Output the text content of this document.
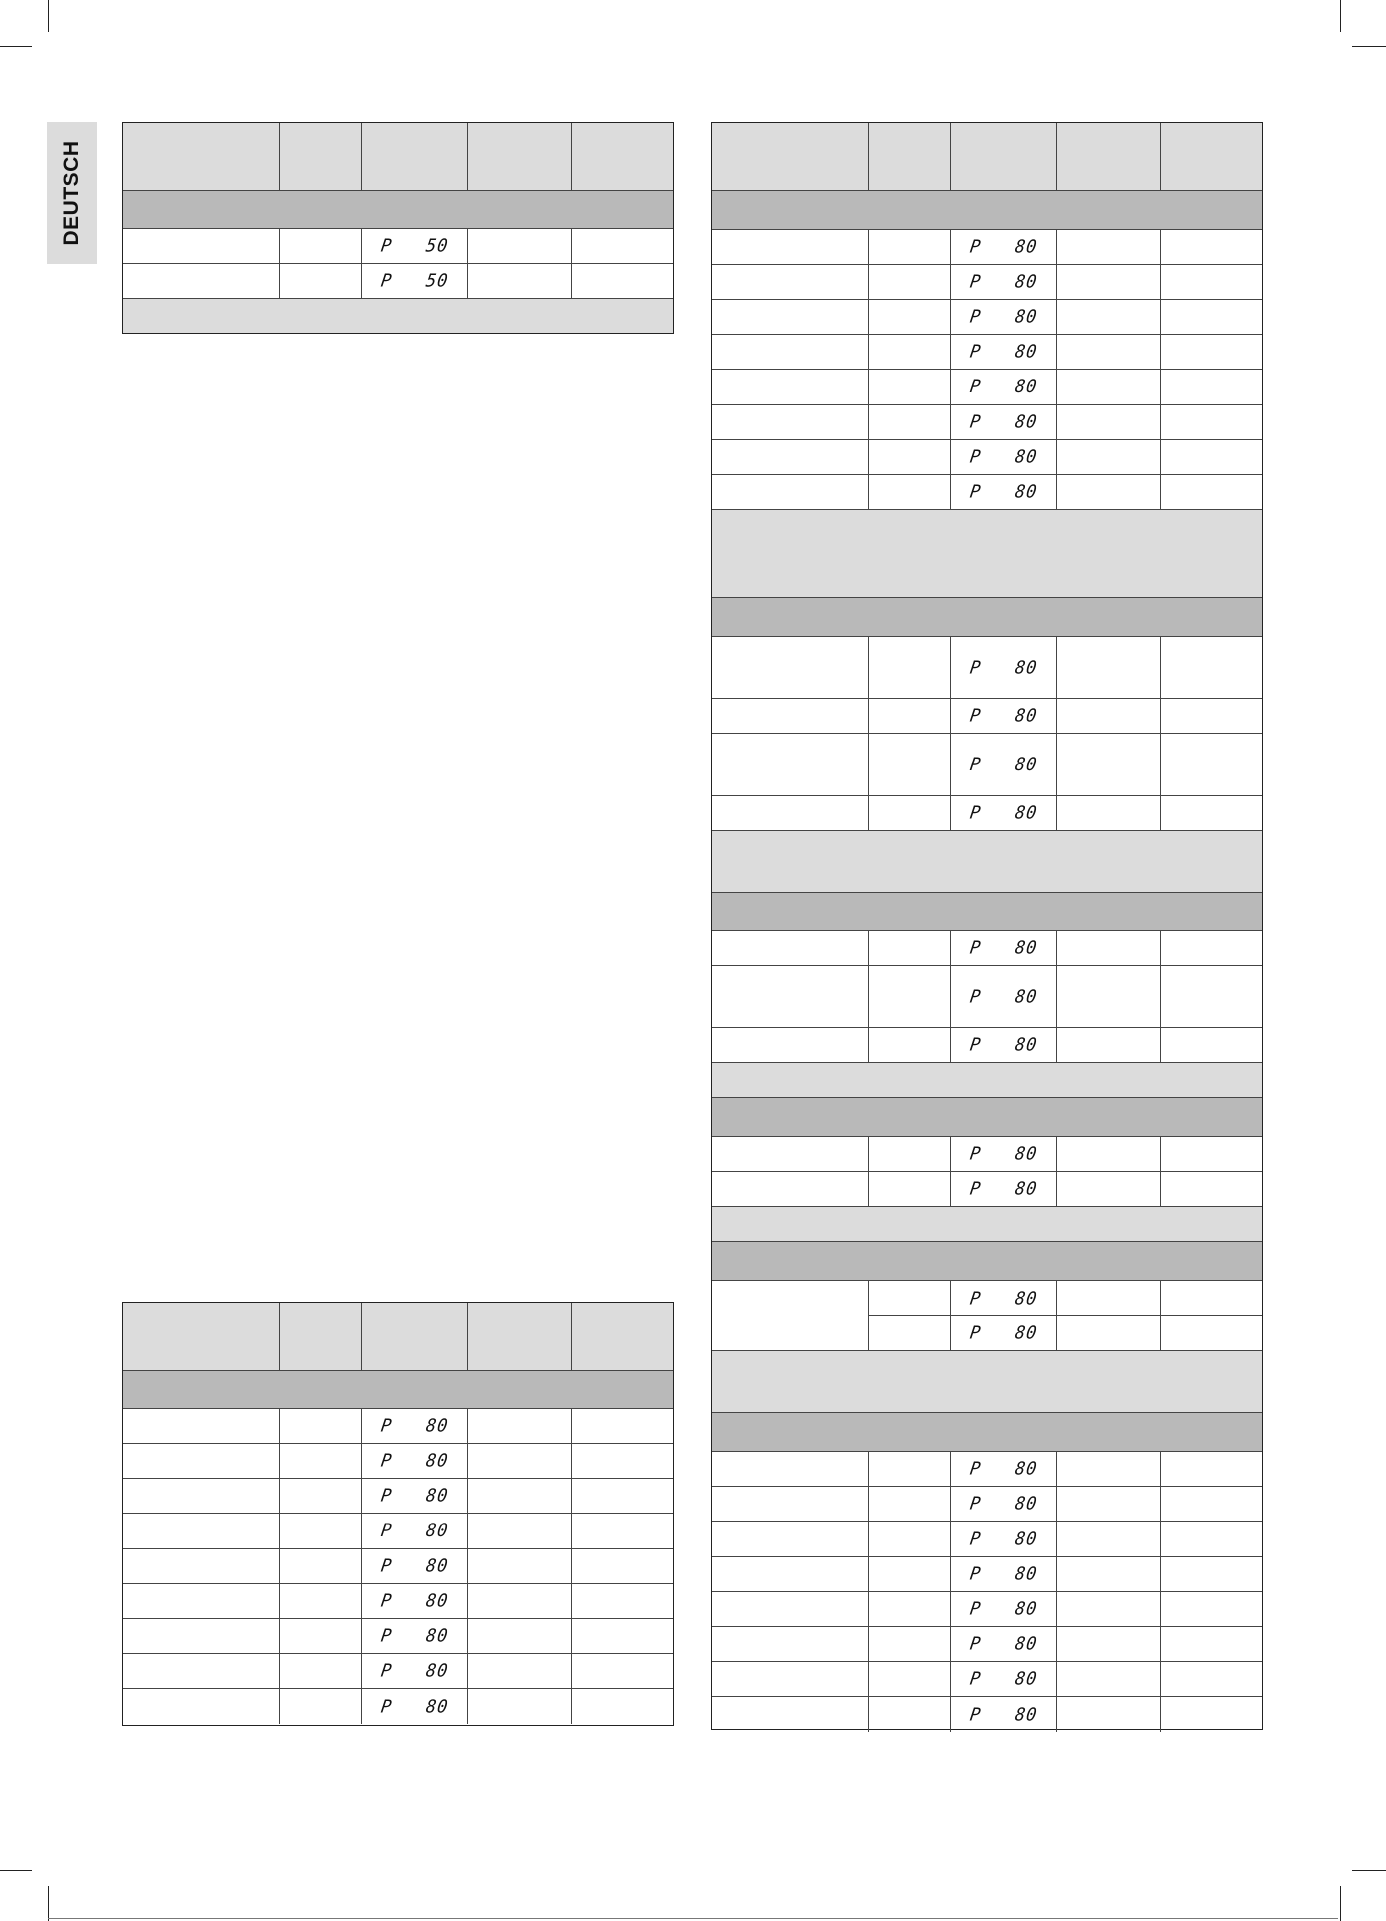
DEUTSCH
P   50
P   50
P   80
P   80
P   80
P   80
P   80
P   80
P   80
P   80
P   80
P   80
P   80
P   80
P   80
P   80
P   80
P   80
P   80
P   80
P   80
P   80
P   80
P   80
P   80
P   80
P   80
P   80
P   80
P   80
P   80
P   80
P   80
P   80
P   80
P   80
P   80
P   80
